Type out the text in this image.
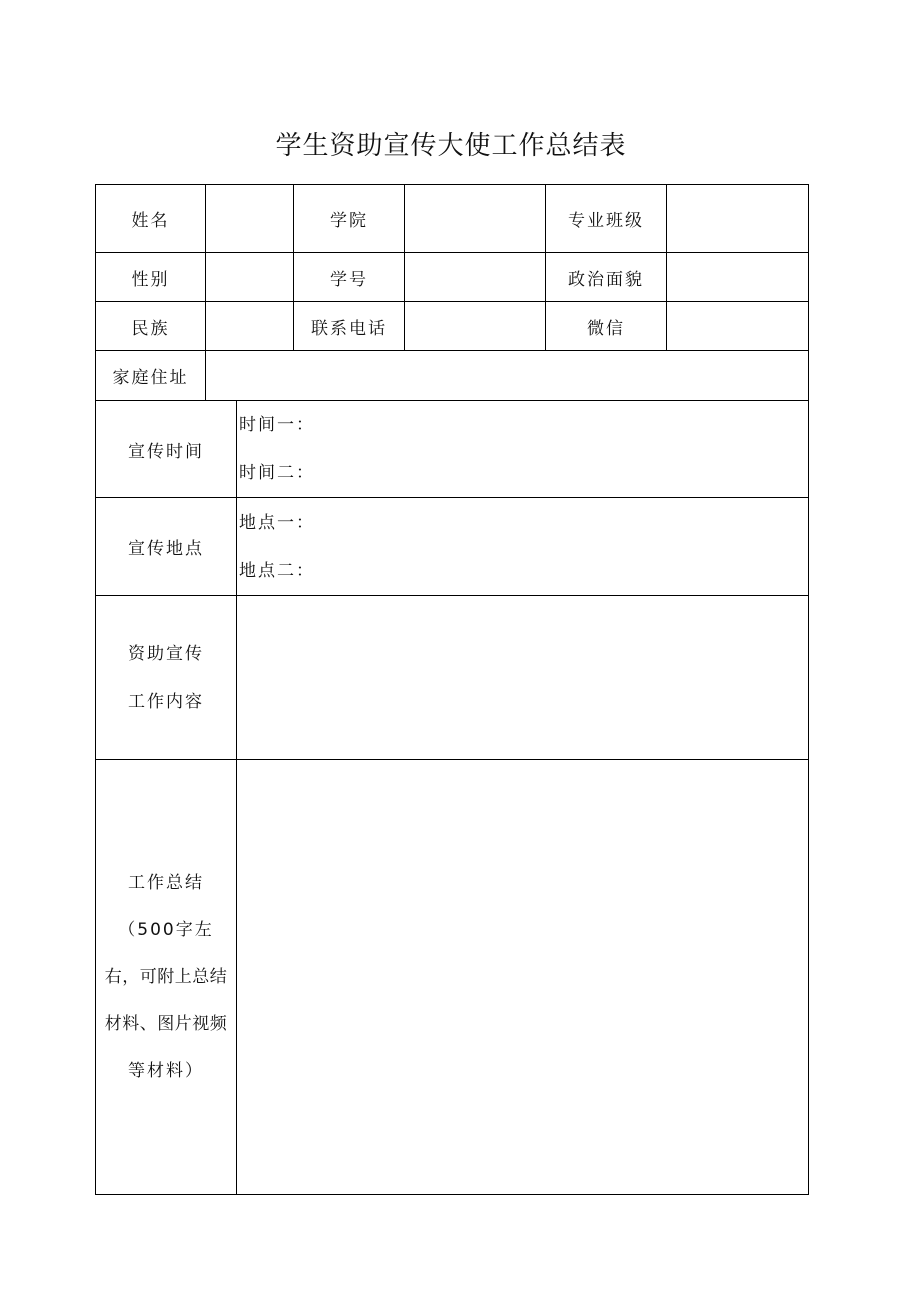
学生资助宣传大使工作总结表
姓名			学院		专业班级	
性别			学号		政治面貌	
民族			联系电话		微信	
家庭住址						
宣传时间		时间一：
时间二：				

宣传地点		地点一：
地点二：				

资助宣传
工作内容						

工作总结
（500字左
右，可附上总结
材料、图片视频
等材料）						
